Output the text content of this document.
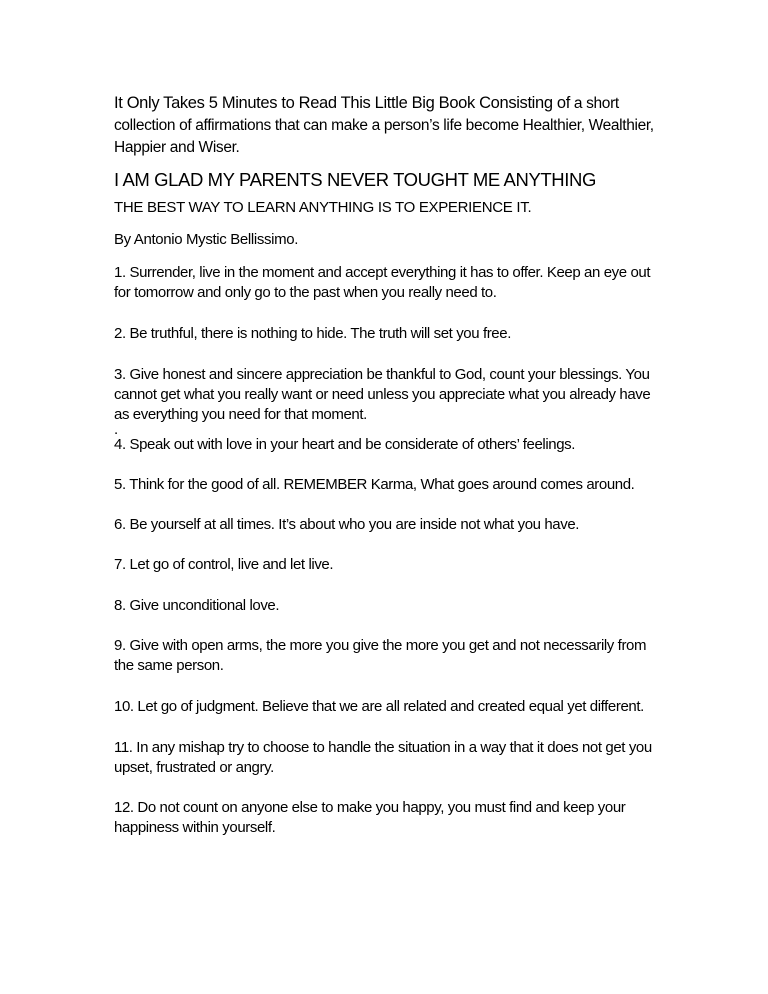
It Only Takes 5 Minutes to Read This Little Big Book Consisting of a short collection of affirmations that can make a person’s life become Healthier, Wealthier, Happier and Wiser.

I AM GLAD MY PARENTS NEVER TOUGHT ME ANYTHING

THE BEST WAY TO LEARN ANYTHING IS TO EXPERIENCE IT.

By Antonio Mystic Bellissimo.

1. Surrender, live in the moment and accept everything it has to offer. Keep an eye out for tomorrow and only go to the past when you really need to.

2. Be truthful, there is nothing to hide. The truth will set you free.

3. Give honest and sincere appreciation be thankful to God, count your blessings. You cannot get what you really want or need unless you appreciate what you already have as everything you need for that moment.

.

4. Speak out with love in your heart and be considerate of others’ feelings.

5. Think for the good of all. REMEMBER Karma, What goes around comes around.

6. Be yourself at all times. It’s about who you are inside not what you have.

7. Let go of control, live and let live.

8. Give unconditional love.

9. Give with open arms, the more you give the more you get and not necessarily from the same person.

10. Let go of judgment. Believe that we are all related and created equal yet different.

11. In any mishap try to choose to handle the situation in a way that it does not get you upset, frustrated or angry.

12. Do not count on anyone else to make you happy, you must find and keep your happiness within yourself.
